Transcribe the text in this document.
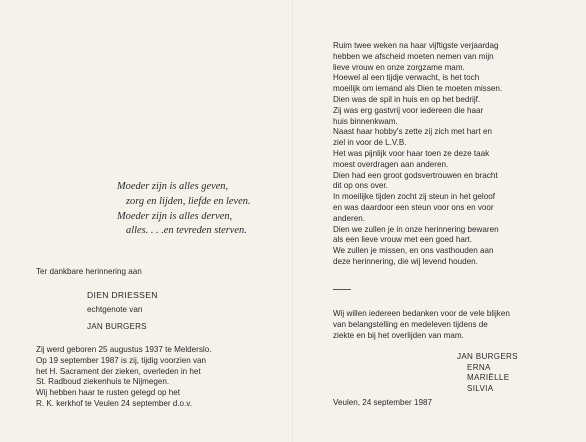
Moeder zijn is alles geven,
zorg en lijden, liefde en leven.
Moeder zijn is alles derven,
alles. . . .en tevreden sterven.
Ter dankbare herinnering aan
DIEN DRIESSEN
echtgenote van
JAN BURGERS
Zij werd geboren 25 augustus 1937 te Melderslo.
Op 19 september 1987 is zij, tijdig voorzien van
het H. Sacrament der zieken, overleden in het
St. Radboud ziekenhuis te Nijmegen.
Wij hebben haar te rusten gelegd op het
R. K. kerkhof te Veulen 24 september d.o.v.
Ruim twee weken na haar vijftigste verjaardag
hebben we afscheid moeten nemen van mijn
lieve vrouw en onze zorgzame mam.
Hoewel al een tijdje verwacht, is het toch
moeilijk om iemand als Dien te moeten missen.
Dien was de spil in huis en op het bedrijf.
Zij was erg gastvrij voor iedereen die haar
huis binnenkwam.
Naast haar hobby's zette zij zich met hart en
ziel in voor de L.V.B.
Het was pijnlijk voor haar toen ze deze taak
moest overdragen aan anderen.
Dien had een groot godsvertrouwen en bracht
dit op ons over.
In moeilijke tijden zocht zij steun in het geloof
en was daardoor een steun voor ons en voor
anderen.
Dien we zullen je in onze herinnering bewaren
als een lieve vrouw met een goed hart.
We zullen je missen, en ons vasthouden aan
deze herinnering, die wij levend houden.
Wij willen iedereen bedanken voor de vele blijken
van belangstelling en medeleven tijdens de
ziekte en bij het overlijden van mam.
JAN BURGERS
ERNA
MARIËLLE
SILVIA
Veulen, 24 september 1987
